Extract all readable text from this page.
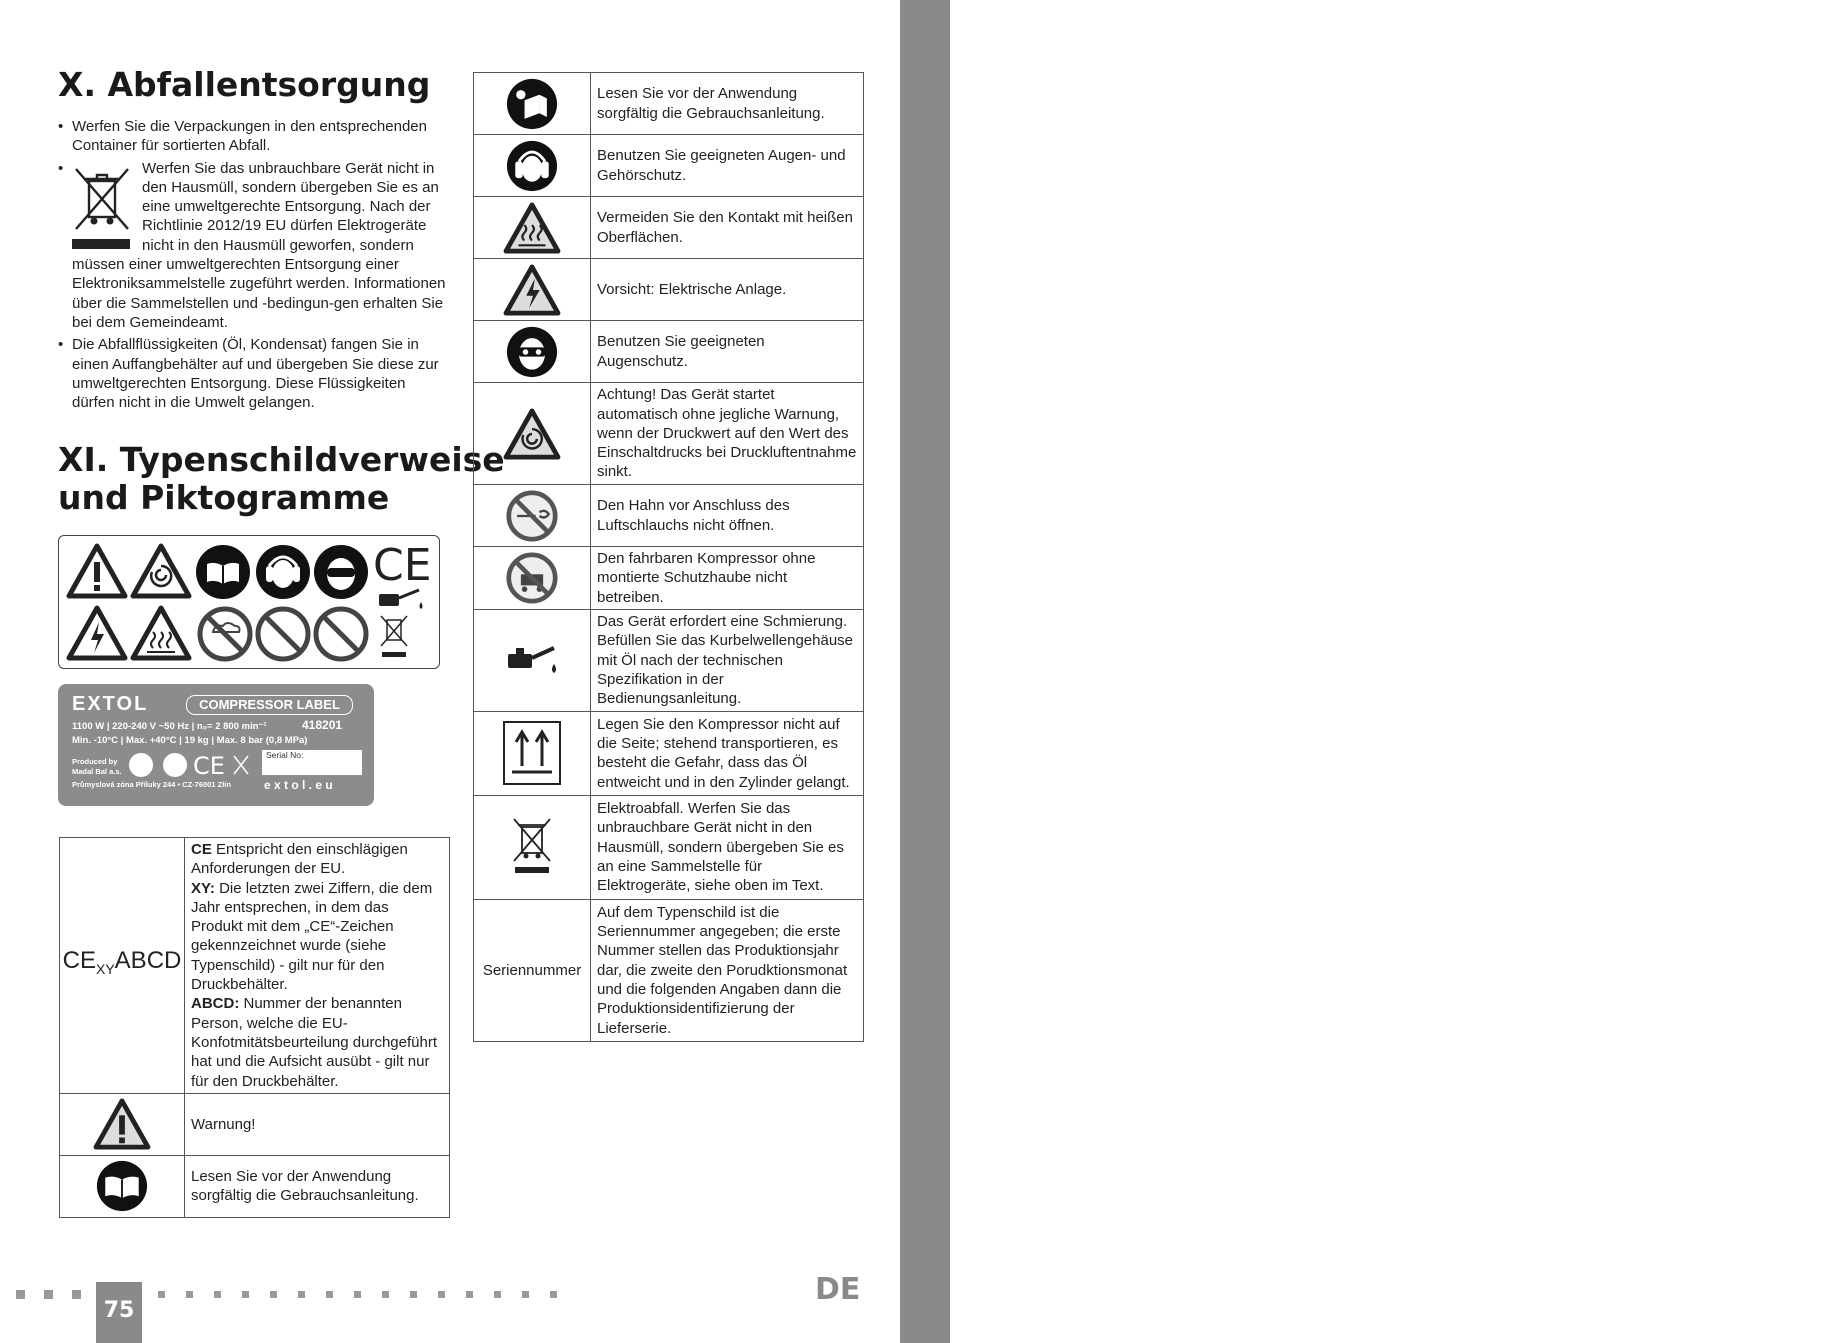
418201
X. Abfallentsorgung
• Werfen Sie die Verpackungen in den entsprechenden Container für sortierten Abfall.
• Werfen Sie das unbrauchbare Gerät nicht in
den Hausmüll, sondern übergeben Sie es an
eine umweltgerechte Entsorgung. Nach der
Richtlinie 2012/19 EU dürfen Elektrogeräte
nicht in den Hausmüll geworfen, sondern
müssen einer umweltgerechten Entsorgung einer Elektroniksammelstelle zugeführt werden. Informationen über die Sammelstellen und -bedingun-gen erhalten Sie bei dem Gemeindeamt.
• Die Abfallflüssigkeiten (Öl, Kondensat) fangen Sie in einen Auffangbehälter auf und übergeben Sie diese zur umweltgerechten Entsorgung. Diese Flüssigkeiten dürfen nicht in die Umwelt gelangen.
XI. Typenschildverweise
und Piktogramme
CE
EXTOL	COMPRESSOR LABEL
1100 W | 220-240 V ~50 Hz | n₀= 2 800 min⁻¹	418201
Min. -10°C | Max. +40°C | 19 kg | Max. 8 bar (0,8 MPa)
Produced by
Madal Bal a.s.
Průmyslová zóna Příluky 244 • CZ-76001 Zlín
CE	Serial No:
e x t o l . e u
CEXYABCD	CE Entspricht den einschlägigen Anforderungen der EU.
XY: Die letzten zwei Ziffern, die dem Jahr entsprechen, in dem das Produkt mit dem „CE“-Zeichen gekennzeichnet wurde (siehe Typenschild) - gilt nur für den Druckbehälter.
ABCD: Nummer der benannten Person, welche die EU-Konfotmitätsbeurteilung durchgeführt hat und die Aufsicht ausübt - gilt nur für den Druckbehälter.

	Warnung!

	Lesen Sie vor der Anwendung sorgfältig die Gebrauchsanleitung.
	Lesen Sie vor der Anwendung sorgfältig die Gebrauchsanleitung.

	Benutzen Sie geeigneten Augen- und Gehörschutz.

	Vermeiden Sie den Kontakt mit heißen Oberflächen.

	Vorsicht: Elektrische Anlage.

	Benutzen Sie geeigneten Augenschutz.

	Achtung! Das Gerät startet automatisch ohne jegliche Warnung, wenn der Druckwert auf den Wert des Einschaltdrucks bei Druckluftentnahme sinkt.

	Den Hahn vor Anschluss des Luftschlauchs nicht öffnen.

	Den fahrbaren Kompressor ohne montierte Schutzhaube nicht betreiben.

	Das Gerät erfordert eine Schmierung. Befüllen Sie das Kurbelwellengehäuse mit Öl nach der technischen Spezifikation in der Bedienungsanleitung.

	Legen Sie den Kompressor nicht auf die Seite; stehend transportieren, es besteht die Gefahr, dass das Öl entweicht und in den Zylinder gelangt.

	Elektroabfall. Werfen Sie das unbrauchbare Gerät nicht in den Hausmüll, sondern übergeben Sie es an eine Sammelstelle für Elektrogeräte, siehe oben im Text.
Seriennummer	Auf dem Typenschild ist die Seriennummer angegeben; die erste Nummer stellen das Produktionsjahr dar, die zweite den Porudktionsmonat und die folgenden Angaben dann die Produktionsidentifizierung der Lieferserie.
75
DE
